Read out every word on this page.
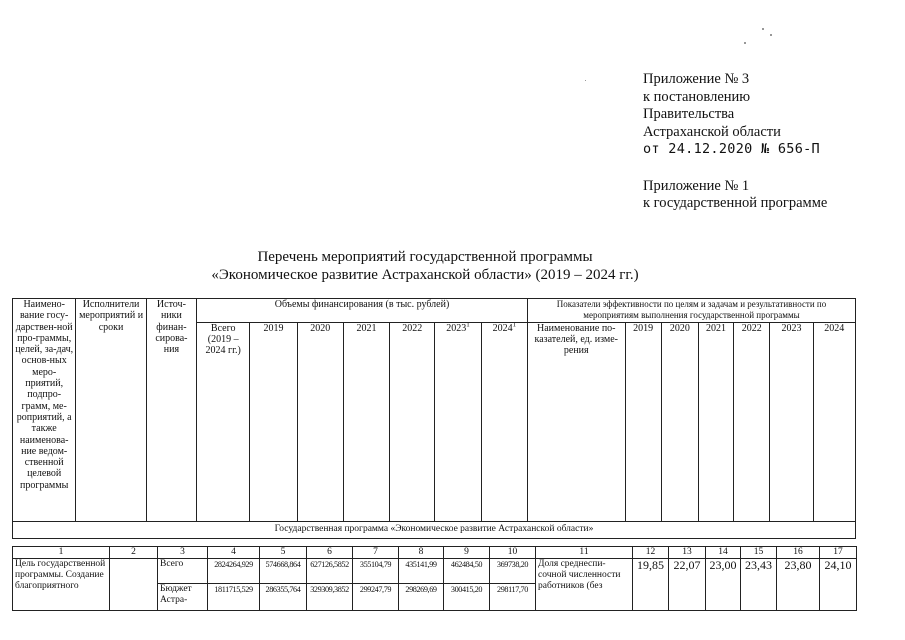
Приложение № 3
к постановлению
Правительства
Астраханской области
от 24.12.2020 № 656-П
Приложение № 1
к государственной программе
Перечень мероприятий государственной программы
«Экономическое развитие Астраханской области» (2019 – 2024 гг.)
Наимено-вание госу-дарствен-ной про-граммы, целей, за-дач, основ-ных меро-приятий, подпро-грамм, ме-роприятий, а также наименова-ние ведом-ственной целевой программы	Исполнители мероприятий и сроки	Источ-ники финан-сирова-ния	Объемы финансирования (в тыс. рублей)							Показатели эффективности по целям и задачам и результативности по мероприятиям выполнения государственной программы						
			Всего (2019 – 2024 гг.)	2019	2020	2021	2022	2023$^1$	2024$^1$	Наименование по-казателей, ед. изме-рения	2019	2020	2021	2022	2023	2024
Государственная программа «Экономическое развитие Астраханской области»																
1	2	3	4	5	6	7	8	9	10	11	12	13	14	15	16	17
Цель государственной программы. Создание благоприятного		Всего	2824264,929	574668,864	627126,5852	355104,79	435141,99	462484,50	369738,20	Доля среднеспи-сочной численности работников (без	19,85	22,07	23,00	23,43	23,80	24,10
		Бюджет Астра-	1811715,529	286355,764	329309,3852	299247,79	298269,69	300415,20	298117,70							
